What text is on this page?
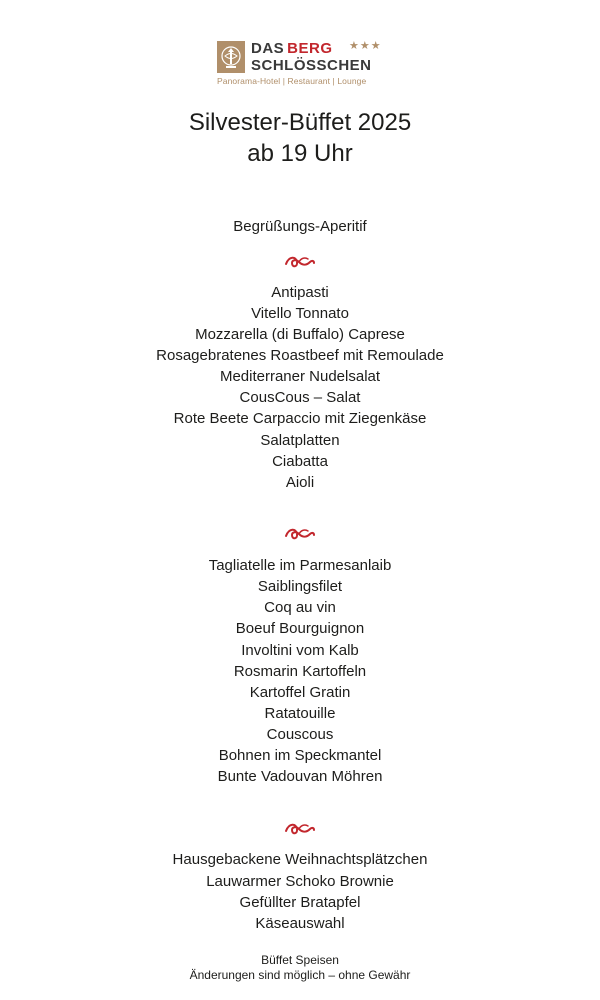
DAS BERG ★★★
SCHLÖSSCHEN
Panorama-Hotel | Restaurant | Lounge
Silvester-Büffet 2025
ab 19 Uhr
Begrüßungs-Aperitif
Antipasti
Vitello Tonnato
Mozzarella (di Buffalo) Caprese
Rosagebratenes Roastbeef mit Remoulade
Mediterraner Nudelsalat
CousCous – Salat
Rote Beete Carpaccio mit Ziegenkäse
Salatplatten
Ciabatta
Aioli
Tagliatelle im Parmesanlaib
Saiblingsfilet
Coq au vin
Boeuf Bourguignon
Involtini vom Kalb
Rosmarin Kartoffeln
Kartoffel Gratin
Ratatouille
Couscous
Bohnen im Speckmantel
Bunte Vadouvan Möhren
Hausgebackene Weihnachtsplätzchen
Lauwarmer Schoko Brownie
Gefüllter Bratapfel
Käseauswahl
Büffet Speisen
Änderungen sind möglich – ohne Gewähr
